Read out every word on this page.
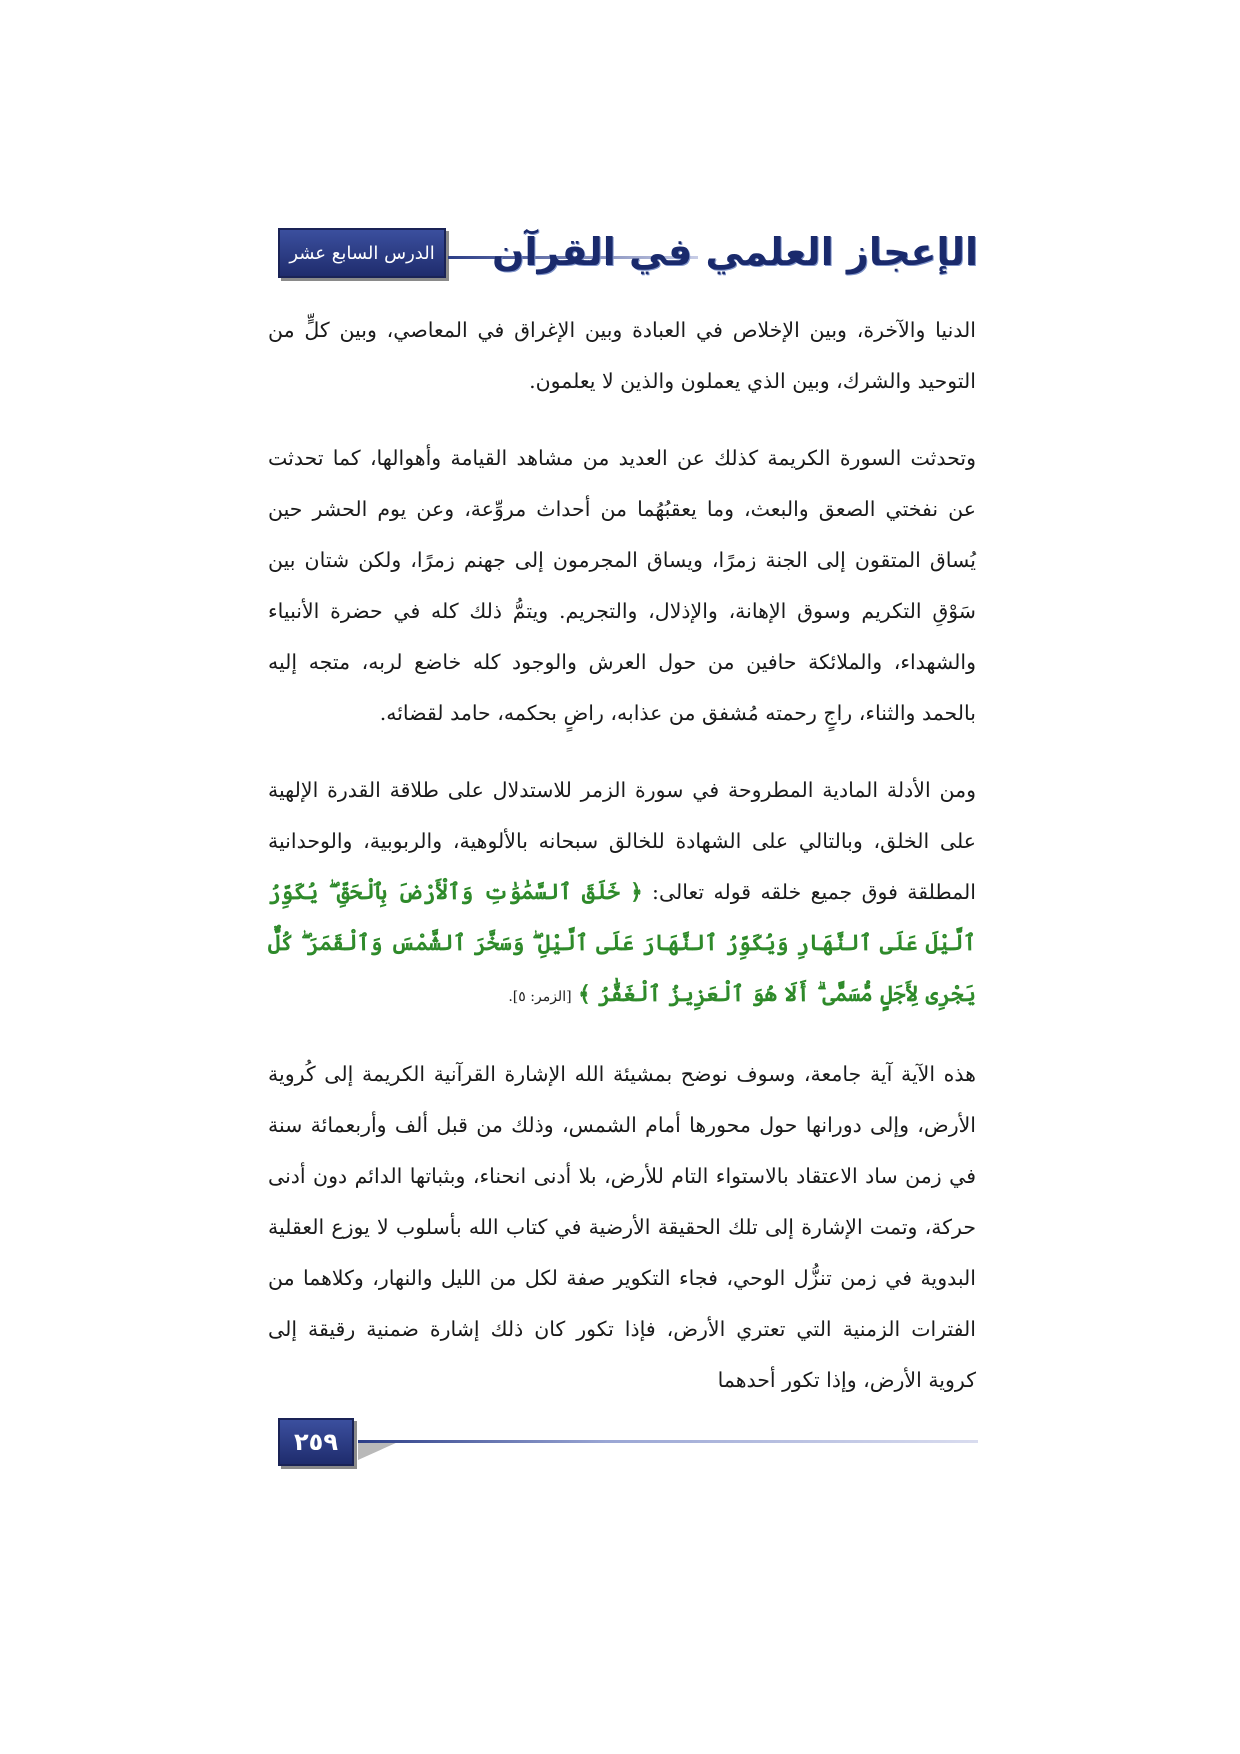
الدرس السابع عشر الإعجاز العلمي في القرآن

الدنيا والآخرة، وبين الإخلاص في العبادة وبين الإغراق في المعاصي، وبين كلٍّ من التوحيد والشرك، وبين الذي يعملون والذين لا يعلمون.

وتحدثت السورة الكريمة كذلك عن العديد من مشاهد القيامة وأهوالها، كما تحدثت عن نفختي الصعق والبعث، وما يعقبُهُما من أحداث مروِّعة، وعن يوم الحشر حين يُساق المتقون إلى الجنة زمرًا، ويساق المجرمون إلى جهنم زمرًا، ولكن شتان بين سَوْقِ التكريم وسوق الإهانة، والإذلال، والتجريم. ويتمُّ ذلك كله في حضرة الأنبياء والشهداء، والملائكة حافين من حول العرش والوجود كله خاضع لربه، متجه إليه بالحمد والثناء، راجٍ رحمته مُشفق من عذابه، راضٍ بحكمه، حامد لقضائه.

ومن الأدلة المادية المطروحة في سورة الزمر للاستدلال على طلاقة القدرة الإلهية على الخلق، وبالتالي على الشهادة للخالق سبحانه بالألوهية، والربوبية، والوحدانية المطلقة فوق جميع خلقه قوله تعالى: ﴿ خَلَقَ ٱلسَّمَٰوَٰتِ وَٱلْأَرْضَ بِٱلْحَقِّ ۖ يُكَوِّرُ ٱلَّيْلَ عَلَى ٱلنَّهَارِ وَيُكَوِّرُ ٱلنَّهَارَ عَلَى ٱلَّيْلِ ۖ وَسَخَّرَ ٱلشَّمْسَ وَٱلْقَمَرَ ۖ كُلٌّ يَجْرِى لِأَجَلٍ مُّسَمًّى ۗ أَلَا هُوَ ٱلْعَزِيزُ ٱلْغَفَّٰرُ ﴾ [الزمر: ٥].

هذه الآية آية جامعة، وسوف نوضح بمشيئة الله الإشارة القرآنية الكريمة إلى كُروية الأرض، وإلى دورانها حول محورها أمام الشمس، وذلك من قبل ألف وأربعمائة سنة في زمن ساد الاعتقاد بالاستواء التام للأرض، بلا أدنى انحناء، وبثباتها الدائم دون أدنى حركة، وتمت الإشارة إلى تلك الحقيقة الأرضية في كتاب الله بأسلوب لا يوزع العقلية البدوية في زمن تنزُّل الوحي، فجاء التكوير صفة لكل من الليل والنهار، وكلاهما من الفترات الزمنية التي تعتري الأرض، فإذا تكور كان ذلك إشارة ضمنية رقيقة إلى كروية الأرض، وإذا تكور أحدهما

٢٥٩
